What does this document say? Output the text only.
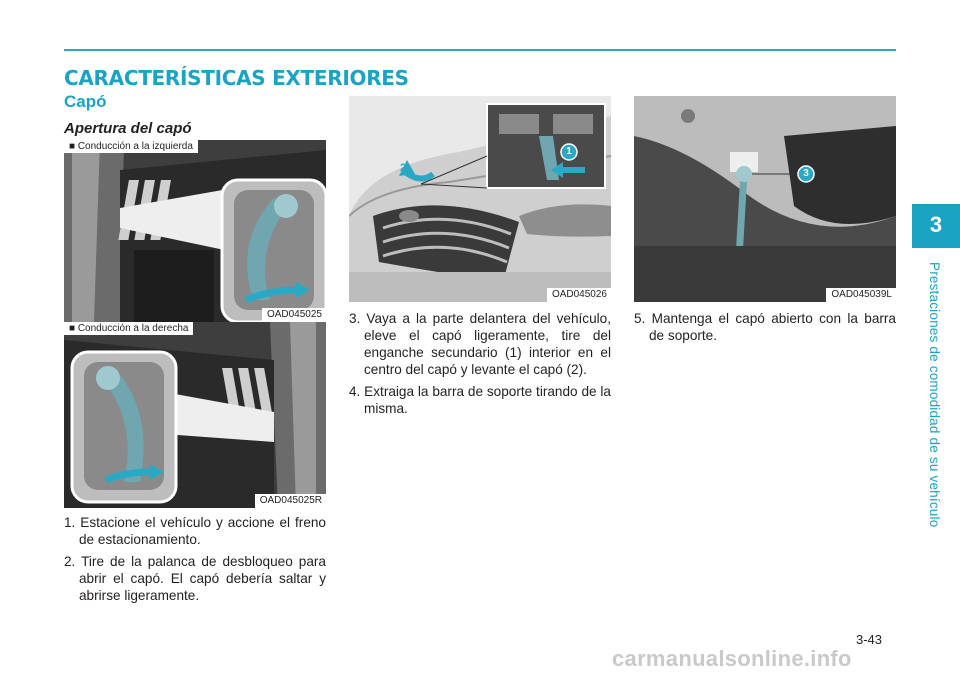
CARACTERÍSTICAS EXTERIORES
Capó
Apertura del capó
■ Conducción a la izquierda
OAD045025
■ Conducción a la derecha
OAD045025R
1
2
OAD045026
3
OAD045039L
1. Estacione el vehículo y accione el freno de estacionamiento.
2. Tire de la palanca de desbloqueo para abrir el capó. El capó debería saltar y abrirse ligeramente.
3. Vaya a la parte delantera del vehículo, eleve el capó ligeramente, tire del enganche secundario (1) interior en el centro del capó y levante el capó (2).
4. Extraiga la barra de soporte tirando de la misma.
5. Mantenga el capó abierto con la barra de soporte.
3
Prestaciones de comodidad de su vehículo
3-43
carmanualsonline.info
